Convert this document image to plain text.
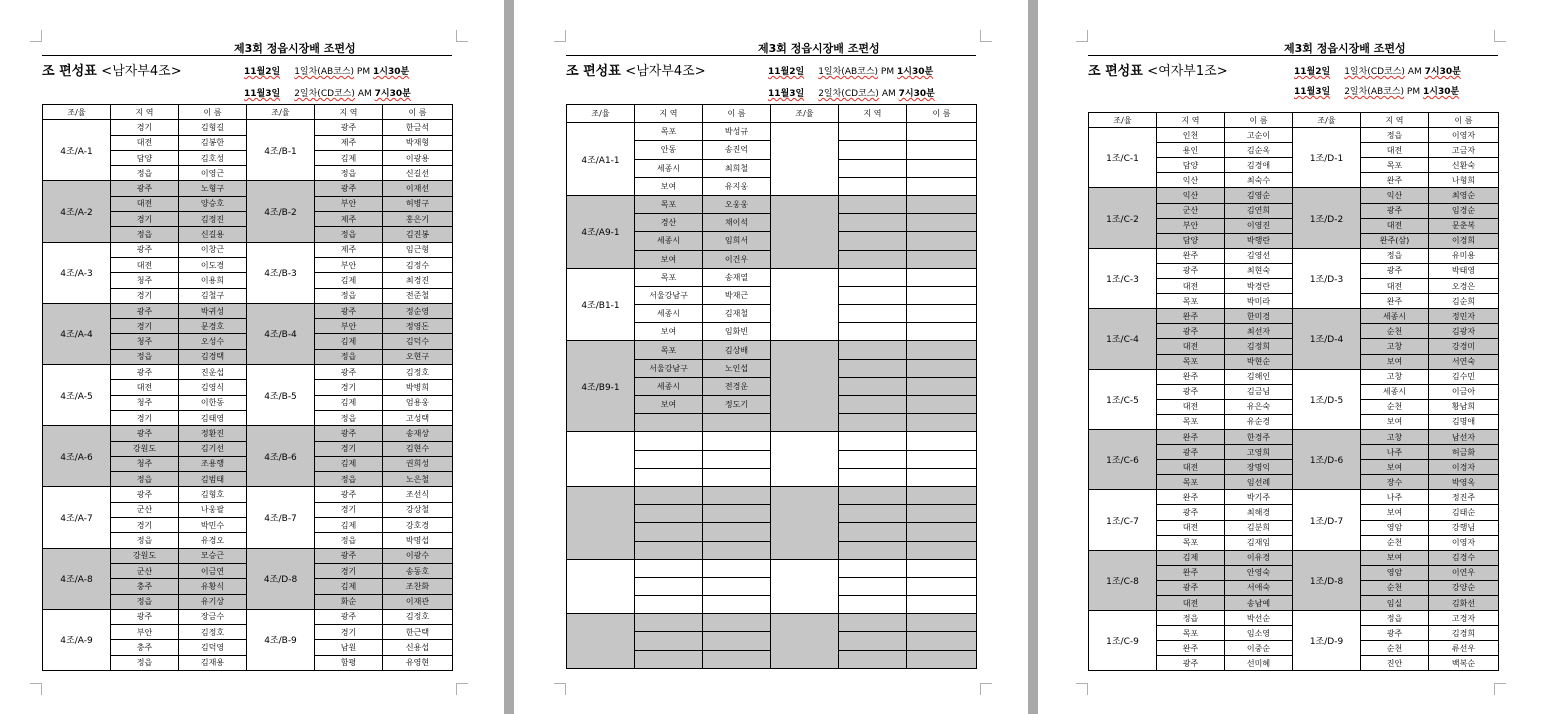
제3회 정읍시장배 조편성
조 편성표 <남자부4조>	11월2일 1일차(AB코스) PM 1시30분
11월3일 2일차(CD코스) AM 7시30분
조/율	지 역	이 름	조/율	지 역	이 름
4조/A-1	경기	김형길	4조/B-1	광주	한금석
	대전	김봉한		제주	박재형
	담양	김호성		김제	이광용
	정읍	이영근		정읍	신길선
4조/A-2	광주	노형구	4조/B-2	광주	이재선
	대전	양승호		부안	허병구
	경기	김정진		제주	홍은기
	정읍	신길용		정읍	김진봉
4조/A-3	광주	이창근	4조/B-3	제주	임근형
	대전	이도경		부안	김정수
	청주	이용희		김제	최경진
	경기	김철구		정읍	전준철
4조/A-4	광주	박귀성	4조/B-4	광주	정순영
	경기	문경호		부안	정영돈
	청주	오성수		김제	김덕수
	정읍	김경택		정읍	오현구
4조/A-5	광주	진운섭	4조/B-5	광주	김정호
	대전	김영식		경기	박병희
	청주	이한동		김제	엄용웅
	경기	김태영		정읍	고성택
4조/A-6	광주	정환진	4조/B-6	광주	송재상
	강원도	김기선		경기	김현수
	청주	조용행		김제	권희성
	정읍	김범태		정읍	노은철
4조/A-7	광주	김형호	4조/B-7	광주	조선식
	군산	나웅팔		경기	강상철
	경기	박민수		김제	강호경
	정읍	유경오		정읍	박명섭
4조/A-8	강원도	모승근	4조/D-8	광주	이광수
	군산	이금연		경기	송동호
	충주	유황식		김제	조찬화
	정읍	유기상		화순	이재관
4조/A-9	광주	장금수	4조/B-9	광주	김정호
	부안	김정호		경기	한근택
	충주	김덕영		남원	신용섭
	정읍	김재용		함평	유영현
제3회 정읍시장배 조편성
조 편성표 <남자부4조>	11월2일 1일차(AB코스) PM 1시30분
11월3일 2일차(CD코스) AM 7시30분
조/율	지 역	이 름	조/율	지 역	이 름
4조/A1-1	목포	박성규			
	안동	송진억			
	세종시	최희철			
	보여	유지웅			
4조/A9-1	목포	오웅웅			
	경산	채이석			
	세종시	임희서			
	보여	이건우			
4조/B1-1	목포	송재열			
	서울강남구	박재근			
	세종시	김재철			
	보여	임화빈			
4조/B9-1	목포	김상배			
	서울강남구	노인섭			
	세종시	전경운			
	보여	정도기			

제3회 정읍시장배 조편성
조 편성표 <여자부1조>	11월2일 1일차(CD코스) AM 7시30분
11월3일 2일차(AB코스) PM 1시30분
조/율	지 역	이 름	조/율	지 역	이 름
1조/C-1	인천	고순이	1조/D-1	정읍	이영자
	용인	김순옥		대전	고금자
	담양	김경애		목포	신환숙
	익산	최숙수		완주	나형희
1조/C-2	익산	김영순	1조/D-2	익산	최영순
	군산	김연희		광주	임경순
	부안	이영진		대전	문춘복
	담양	박행란		완주(삼)	이경희
1조/C-3	완주	김영선	1조/D-3	정읍	유미용
	광주	최현숙		광주	박태영
	대전	박경란		대전	오경은
	목포	박미라		완주	김순희
1조/C-4	완주	한미경	1조/D-4	세종시	정민자
	광주	최선자		순천	김광자
	대전	김정희		고창	강경미
	목포	박현순		보여	서연숙
1조/C-5	완주	김해인	1조/D-5	고창	김수민
	광주	김금님		세종시	이금아
	대전	유은숙		순천	황남희
	목포	유순경		보여	김명애
1조/C-6	완주	한경주	1조/D-6	고창	남선자
	광주	고영희		나주	허금화
	대전	장명익		보여	이경자
	목포	임선례		장수	박영옥
1조/C-7	완주	박기주	1조/D-7	나주	정진주
	광주	최해경		보여	김태순
	대전	김분희		영암	강행님
	목포	김재임		순천	이영자
1조/C-8	김제	이유경	1조/D-8	보여	김경수
	완주	안영숙		영암	이연우
	광주	서애숙		순천	강양순
	대전	송남예		임실	김화선
1조/C-9	정읍	박선순	1조/D-9	정읍	고경자
	목포	임소영		광주	김경희
	완주	이중순		순천	류선우
	광주	선미혜		진안	백복순
